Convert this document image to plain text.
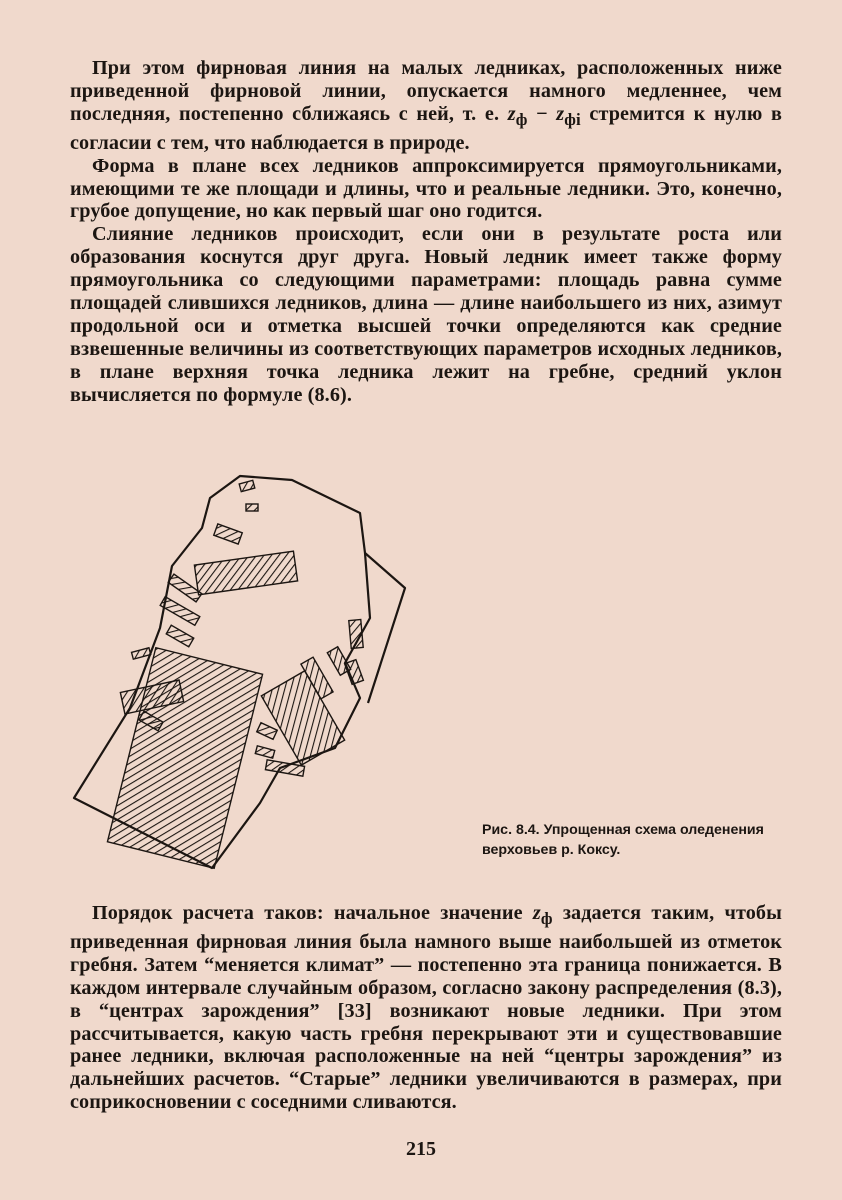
При этом фирновая линия на малых ледниках, расположенных ниже приведенной фирновой линии, опускается намного медленнее, чем последняя, постепенно сближаясь с ней, т. е. $z_ф - z_{фi}$ стремится к нулю в согласии с тем, что наблюдается в природе.

Форма в плане всех ледников аппроксимируется прямоугольниками, имеющими те же площади и длины, что и реальные ледники. Это, конечно, грубое допущение, но как первый шаг оно годится.

Слияние ледников происходит, если они в результате роста или образования коснутся друг друга. Новый ледник имеет также форму прямоугольника со следующими параметрами: площадь равна сумме площадей слившихся ледников, длина — длине наибольшего из них, азимут продольной оси и отметка высшей точки определяются как средние взвешенные величины из соответствующих параметров исходных ледников, в плане верхняя точка ледника лежит на гребне, средний уклон вычисляется по формуле (8.6).

Рис. 8.4. Упрощенная схема оледенения верховьев р. Коксу.

Порядок расчета таков: начальное значение $z_ф$ задается таким, чтобы приведенная фирновая линия была намного выше наибольшей из отметок гребня. Затем “меняется климат” — постепенно эта граница понижается. В каждом интервале случайным образом, согласно закону распределения (8.3), в “центрах зарождения” [33] возникают новые ледники. При этом рассчитывается, какую часть гребня перекрывают эти и существовавшие ранее ледники, включая расположенные на ней “центры зарождения” из дальнейших расчетов. “Старые” ледники увеличиваются в размерах, при соприкосновении с соседними сливаются.

215
